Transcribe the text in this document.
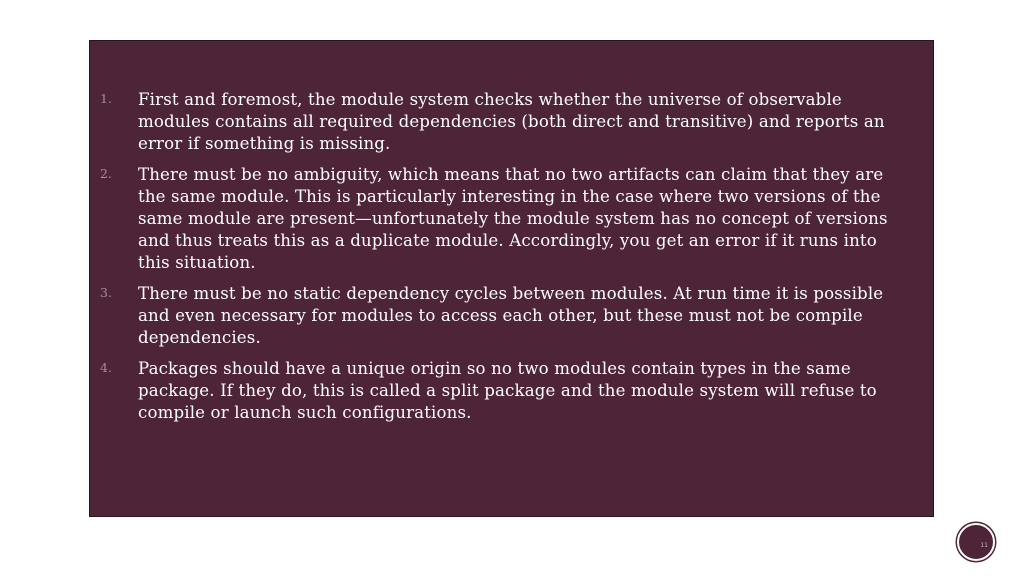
1. First and foremost, the module system checks whether the universe of observable modules contains all required dependencies (both direct and transitive) and reports an error if something is missing.
2. There must be no ambiguity, which means that no two artifacts can claim that they are the same module. This is particularly interesting in the case where two versions of the same module are present—unfortunately the module system has no concept of versions and thus treats this as a duplicate module. Accordingly, you get an error if it runs into this situation.
3. There must be no static dependency cycles between modules. At run time it is possible and even necessary for modules to access each other, but these must not be compile dependencies.
4. Packages should have a unique origin so no two modules contain types in the same package. If they do, this is called a split package and the module system will refuse to compile or launch such configurations.
11
